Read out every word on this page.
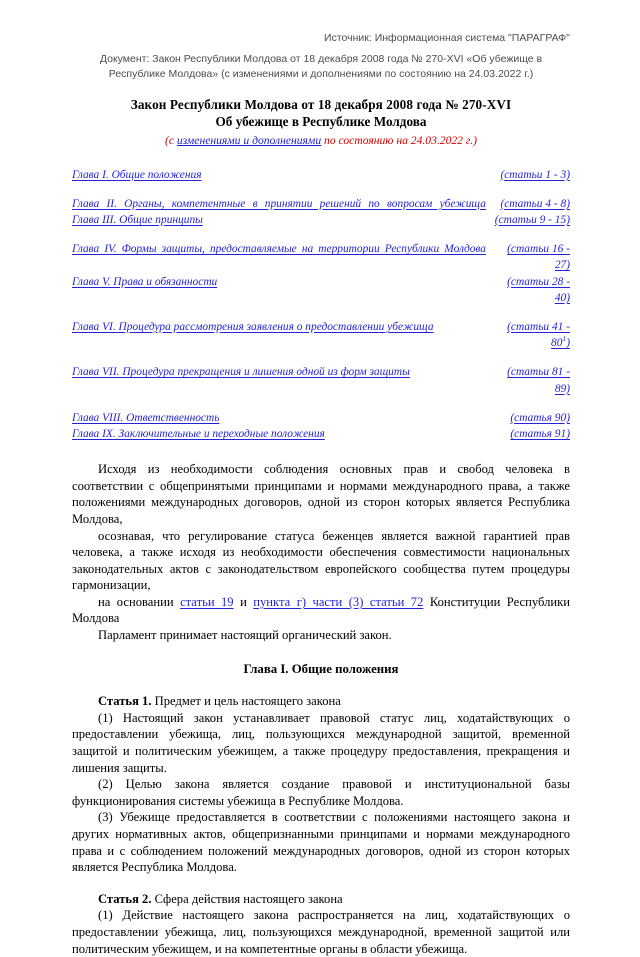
Источник: Информационная система "ПАРАГРАФ"
Документ: Закон Республики Молдова от 18 декабря 2008 года № 270-XVI «Об убежище в Республике Молдова» (с изменениями и дополнениями по состоянию на 24.03.2022 г.)
Закон Республики Молдова от 18 декабря 2008 года № 270-XVI
Об убежище в Республике Молдова
(с изменениями и дополнениями по состоянию на 24.03.2022 г.)
Глава I. Общие положения	(статьи 1 - 3)
Глава II. Органы, компетентные в принятии решений по вопросам убежища	(статьи 4 - 8)
Глава III. Общие принципы	(статьи 9 - 15)
Глава IV. Формы защиты, предоставляемые на территории Республики Молдова	(статьи 16 - 27)
Глава V. Права и обязанности	(статьи 28 - 40)
Глава VI. Процедура рассмотрения заявления о предоставлении убежища	(статьи $41 - 80^1$)
Глава VII. Процедура прекращения и лишения одной из форм защиты	(статьи 81 - 89)
Глава VIII. Ответственность	(статья 90)
Глава IX. Заключительные и переходные положения	(статья 91)

Исходя из необходимости соблюдения основных прав и свобод человека в соответствии с общепринятыми принципами и нормами международного права, а также положениями международных договоров, одной из сторон которых является Республика Молдова,

осознавая, что регулирование статуса беженцев является важной гарантией прав человека, а также исходя из необходимости обеспечения совместимости национальных законодательных актов с законодательством европейского сообщества путем процедуры гармонизации,

на основании статьи 19 и пункта г) части (3) статьи 72 Конституции Республики Молдова

Парламент принимает настоящий органический закон.

Глава I. Общие положения

Статья 1. Предмет и цель настоящего закона

(1) Настоящий закон устанавливает правовой статус лиц, ходатайствующих о предоставлении убежища, лиц, пользующихся международной защитой, временной защитой и политическим убежищем, а также процедуру предоставления, прекращения и лишения защиты.

(2) Целью закона является создание правовой и институциональной базы функционирования системы убежища в Республике Молдова.

(3) Убежище предоставляется в соответствии с положениями настоящего закона и других нормативных актов, общепризнанными принципами и нормами международного права и с соблюдением положений международных договоров, одной из сторон которых является Республика Молдова.

Статья 2. Сфера действия настоящего закона

(1) Действие настоящего закона распространяется на лиц, ходатайствующих о предоставлении убежища, лиц, пользующихся международной, временной защитой или политическим убежищем, и на компетентные органы в области убежища.
